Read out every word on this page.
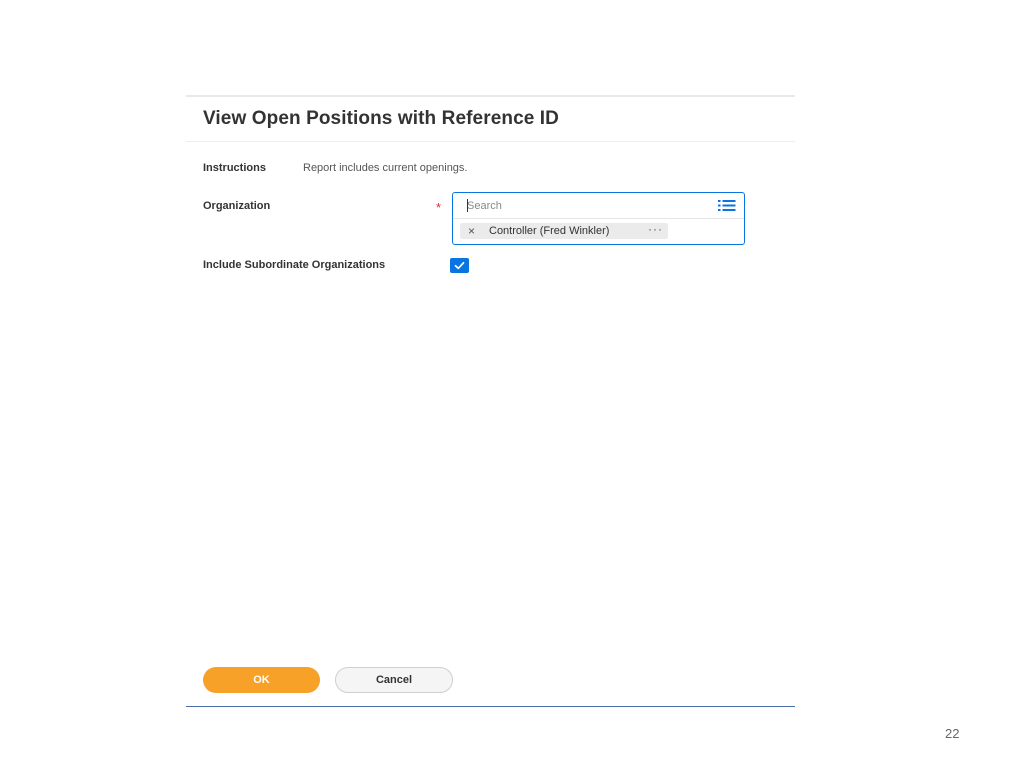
View Open Positions with Reference ID
Instructions	Report includes current openings.
Organization	*
Search
× Controller (Fred Winkler)	···
Include Subordinate Organizations
OK	Cancel
22
